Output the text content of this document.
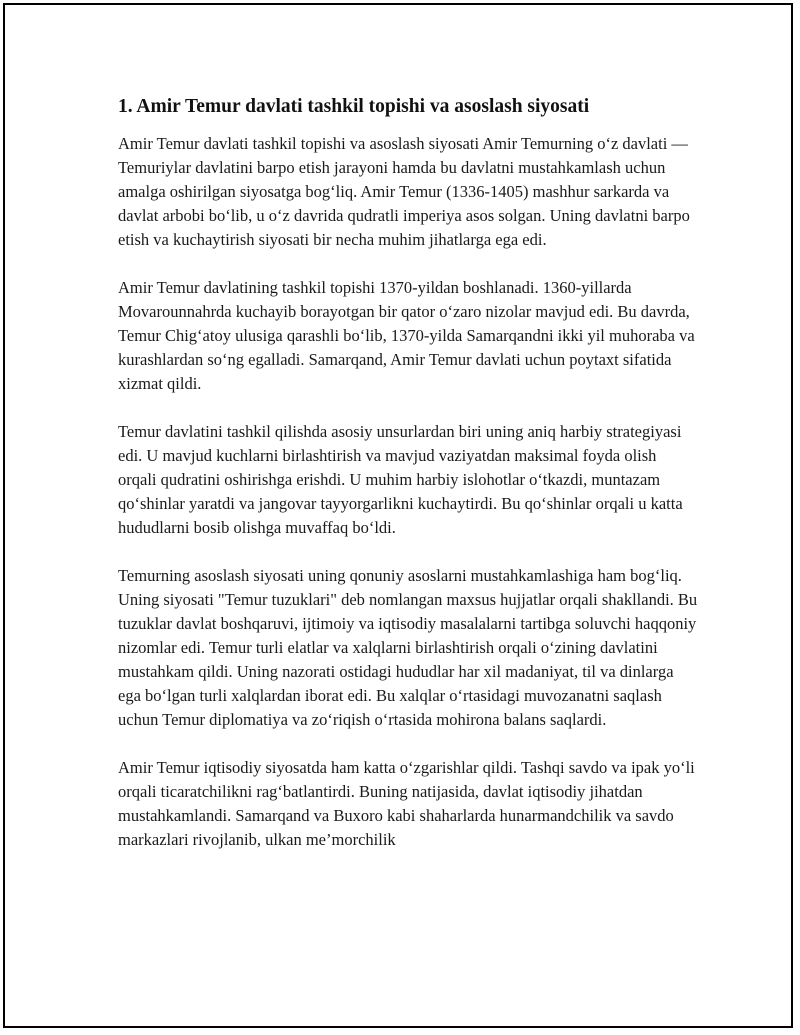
1. Amir Temur davlati tashkil topishi va asoslash siyosati

Amir Temur davlati tashkil topishi va asoslash siyosati Amir Temurning o‘z davlati — Temuriylar davlatini barpo etish jarayoni hamda bu davlatni mustahkamlash uchun amalga oshirilgan siyosatga bog‘liq. Amir Temur (1336-1405) mashhur sarkarda va davlat arbobi bo‘lib, u o‘z davrida qudratli imperiya asos solgan. Uning davlatni barpo etish va kuchaytirish siyosati bir necha muhim jihatlarga ega edi.

Amir Temur davlatining tashkil topishi 1370-yildan boshlanadi. 1360-yillarda Movarounnahrda kuchayib borayotgan bir qator o‘zaro nizolar mavjud edi. Bu davrda, Temur Chig‘atoy ulusiga qarashli bo‘lib, 1370-yilda Samarqandni ikki yil muhoraba va kurashlardan so‘ng egalladi. Samarqand, Amir Temur davlati uchun poytaxt sifatida xizmat qildi.

Temur davlatini tashkil qilishda asosiy unsurlardan biri uning aniq harbiy strategiyasi edi. U mavjud kuchlarni birlashtirish va mavjud vaziyatdan maksimal foyda olish orqali qudratini oshirishga erishdi. U muhim harbiy islohotlar o‘tkazdi, muntazam qo‘shinlar yaratdi va jangovar tayyorgarlikni kuchaytirdi. Bu qo‘shinlar orqali u katta hududlarni bosib olishga muvaffaq bo‘ldi.

Temurning asoslash siyosati uning qonuniy asoslarni mustahkamlashiga ham bog‘liq. Uning siyosati "Temur tuzuklari" deb nomlangan maxsus hujjatlar orqali shakllandi. Bu tuzuklar davlat boshqaruvi, ijtimoiy va iqtisodiy masalalarni tartibga soluvchi haqqoniy nizomlar edi. Temur turli elatlar va xalqlarni birlashtirish orqali o‘zining davlatini mustahkam qildi. Uning nazorati ostidagi hududlar har xil madaniyat, til va dinlarga ega bo‘lgan turli xalqlardan iborat edi. Bu xalqlar o‘rtasidagi muvozanatni saqlash uchun Temur diplomatiya va zo‘riqish o‘rtasida mohirona balans saqlardi.

Amir Temur iqtisodiy siyosatda ham katta o‘zgarishlar qildi. Tashqi savdo va ipak yo‘li orqali ticaratchilikni rag‘batlantirdi. Buning natijasida, davlat iqtisodiy jihatdan mustahkamlandi. Samarqand va Buxoro kabi shaharlarda hunarmandchilik va savdo markazlari rivojlanib, ulkan me’morchilik
